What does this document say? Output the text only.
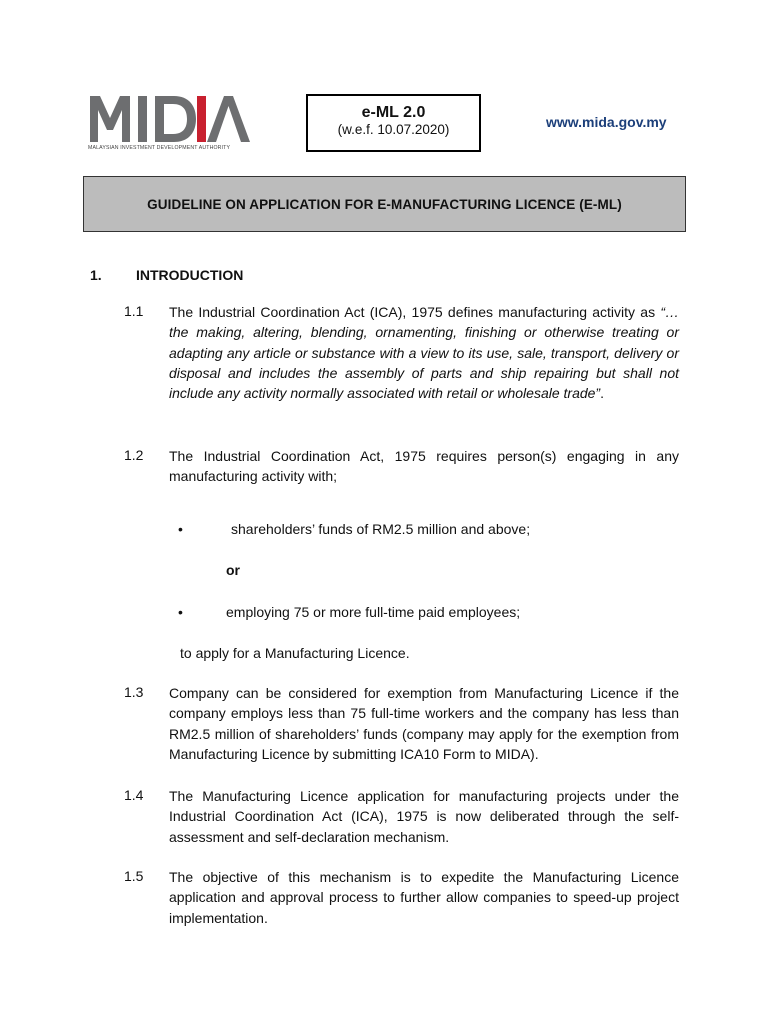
MALAYSIAN INVESTMENT DEVELOPMENT AUTHORITY
e-ML 2.0
(w.e.f. 10.07.2020)	www.mida.gov.my
GUIDELINE ON APPLICATION FOR E-MANUFACTURING LICENCE (E-ML)
1. INTRODUCTION
1.1 The Industrial Coordination Act (ICA), 1975 defines manufacturing activity as “…the making, altering, blending, ornamenting, finishing or otherwise treating or adapting any article or substance with a view to its use, sale, transport, delivery or disposal and includes the assembly of parts and ship repairing but shall not include any activity normally associated with retail or wholesale trade”.
1.2 The Industrial Coordination Act, 1975 requires person(s) engaging in any manufacturing activity with;
•	shareholders’ funds of RM2.5 million and above;
or
•	employing 75 or more full-time paid employees;
to apply for a Manufacturing Licence.
1.3 Company can be considered for exemption from Manufacturing Licence if the company employs less than 75 full-time workers and the company has less than RM2.5 million of shareholders’ funds (company may apply for the exemption from Manufacturing Licence by submitting ICA10 Form to MIDA).
1.4 The Manufacturing Licence application for manufacturing projects under the Industrial Coordination Act (ICA), 1975 is now deliberated through the self-assessment and self-declaration mechanism.
1.5 The objective of this mechanism is to expedite the Manufacturing Licence application and approval process to further allow companies to speed-up project implementation.
